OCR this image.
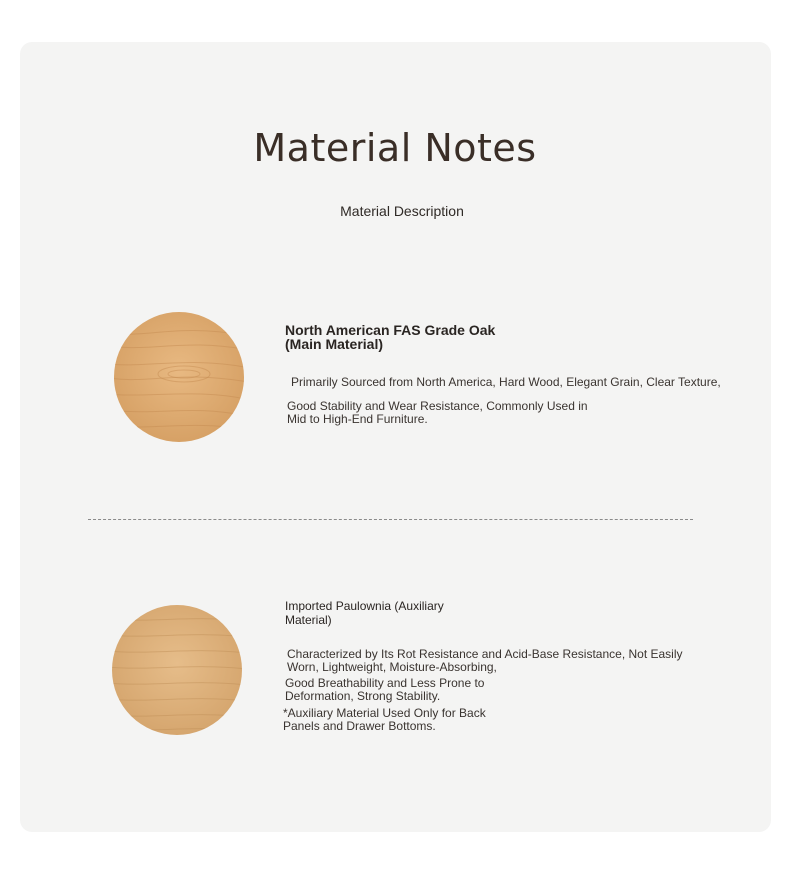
Material Notes
Material Description
North American FAS Grade Oak
(Main Material)
Primarily Sourced from North America, Hard Wood, Elegant Grain, Clear Texture,
Good Stability and Wear Resistance, Commonly Used in
Mid to High-End Furniture.
Imported Paulownia (Auxiliary
Material)
Characterized by Its Rot Resistance and Acid-Base Resistance, Not Easily
Worn, Lightweight, Moisture-Absorbing,
Good Breathability and Less Prone to
Deformation, Strong Stability.
*Auxiliary Material Used Only for Back
Panels and Drawer Bottoms.
